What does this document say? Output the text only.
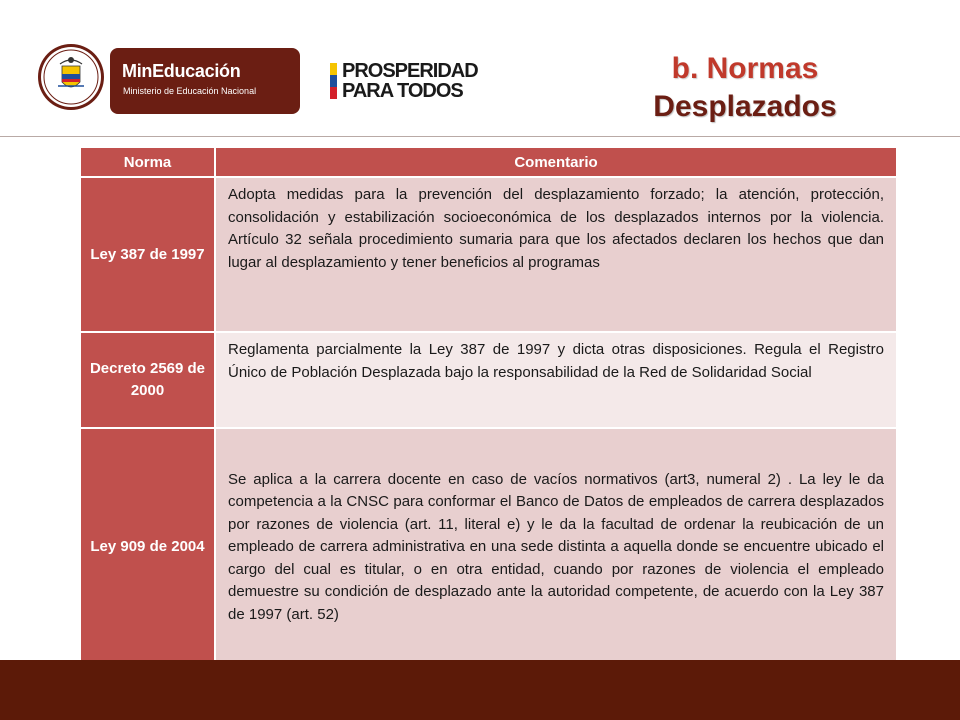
MinEducación
Ministerio de Educación Nacional
PROSPERIDAD
PARA TODOS
b. Normas
Desplazados
Norma	Comentario
Ley 387 de 1997	Adopta medidas para la prevención del desplazamiento forzado; la atención, protección, consolidación y estabilización socioeconómica de los desplazados internos por la violencia. Artículo 32 señala procedimiento sumaria para que los afectados declaren los hechos que dan lugar al desplazamiento y tener beneficios al programas
Decreto 2569 de 2000	Reglamenta parcialmente la Ley 387 de 1997 y dicta otras disposiciones. Regula el Registro Único de Población Desplazada bajo la responsabilidad de la Red de Solidaridad Social
Ley 909 de 2004	Se aplica a la carrera docente en caso de vacíos normativos (art3, numeral 2) . La ley le da competencia a la CNSC para conformar el Banco de Datos de empleados de carrera desplazados por razones de violencia (art. 11, literal e) y le da la facultad de ordenar la reubicación de un empleado de carrera administrativa en una sede distinta a aquella donde se encuentre ubicado el cargo del cual es titular, o en otra entidad, cuando por razones de violencia el empleado demuestre su condición de desplazado ante la autoridad competente, de acuerdo con la Ley 387 de 1997 (art. 52)
